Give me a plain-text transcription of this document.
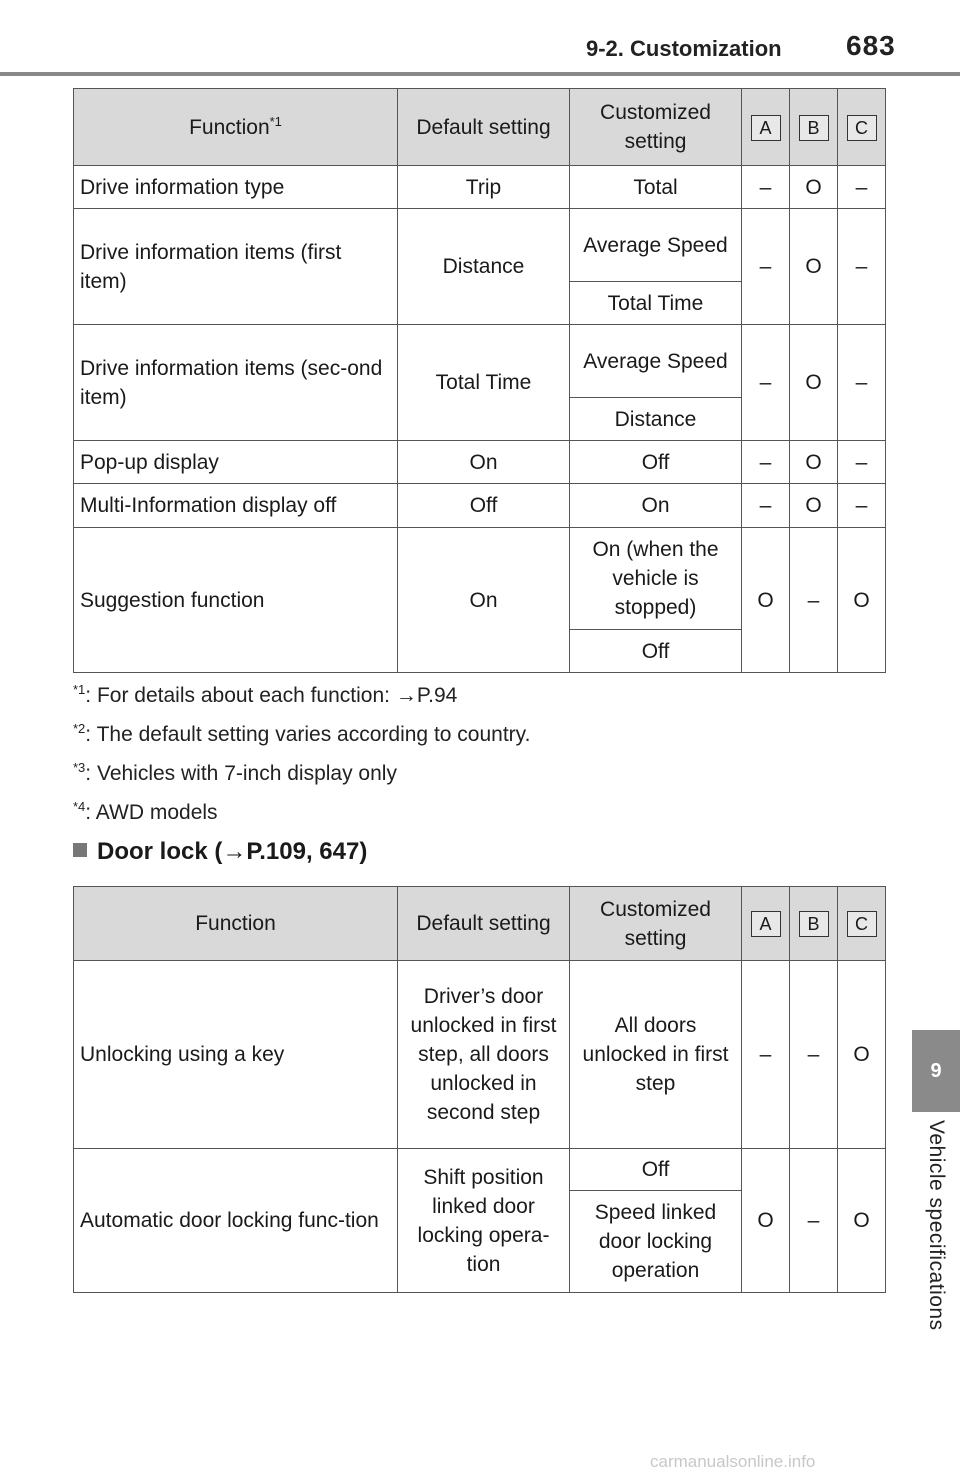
9-2. Customization 683
9
Vehicle specifications
Function$^{*1}$	Default setting	Customized setting	A	B	C
Drive information type	Trip	Total	–	O	–
Drive information items (first item)	Distance	Average Speed	–	O	–
		Total Time			
Drive information items (sec-ond item)	Total Time	Average Speed	–	O	–
		Distance			
Pop-up display	On	Off	–	O	–
Multi-Information display off	Off	On	–	O	–
Suggestion function	On	On (when the vehicle is stopped)	O	–	O
		Off			
$^{*1}$: For details about each function: →P.94
$^{*2}$: The default setting varies according to country.
$^{*3}$: Vehicles with 7-inch display only
$^{*4}$: AWD models
Door lock (→P.109, 647)
Function	Default setting	Customized setting	A	B	C
Unlocking using a key	Driver’s door unlocked in first step, all doors unlocked in second step	All doors unlocked in first step	–	–	O
Automatic door locking func-tion	Shift position linked door locking opera-tion	Off	O	–	O
		Speed linked door locking operation			
carmanualsonline.info
